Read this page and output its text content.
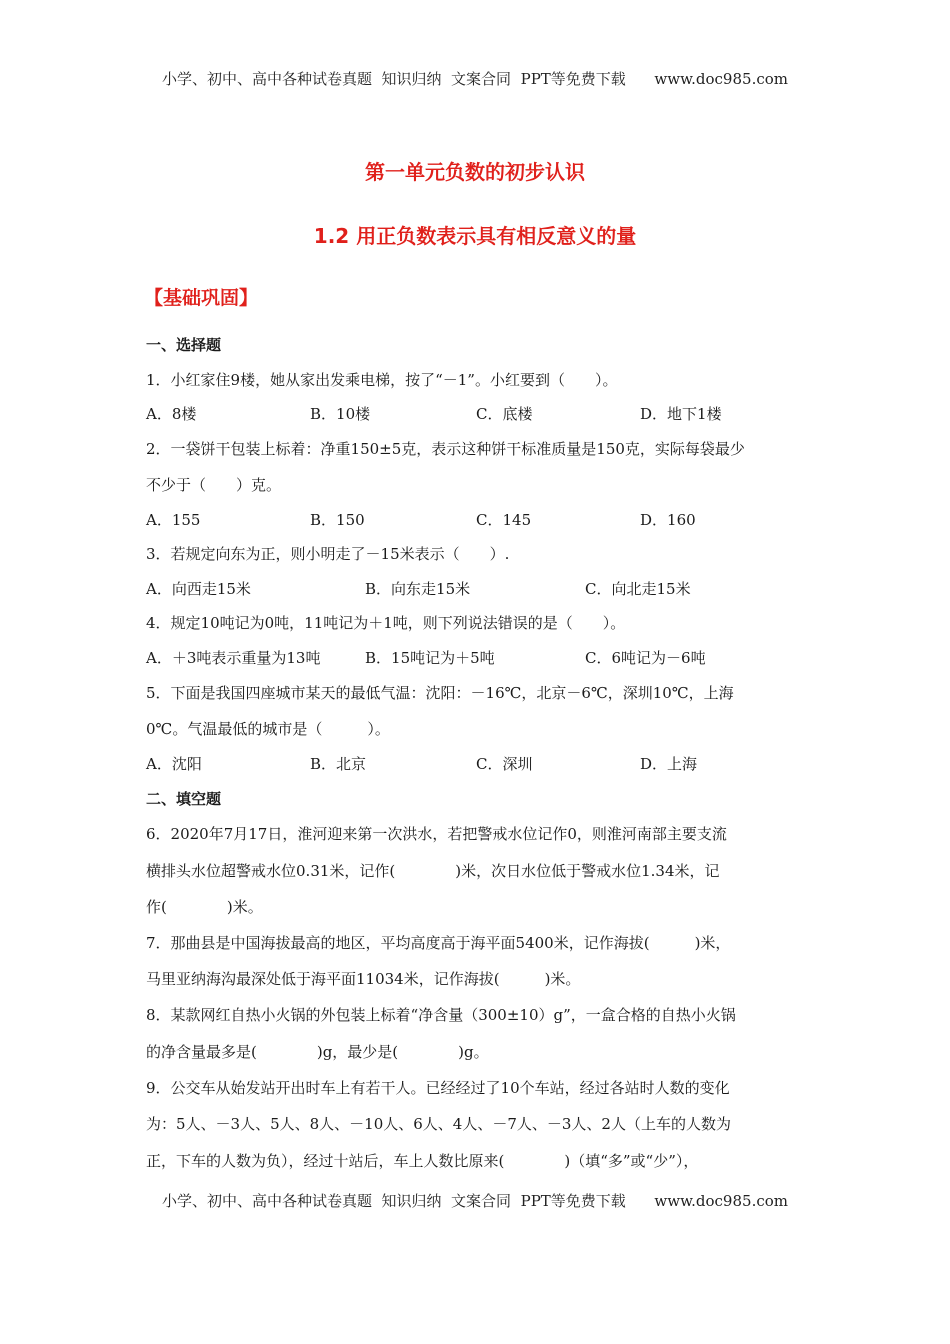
小学、初中、高中各种试卷真题  知识归纳  文案合同  PPT等免费下载      www.doc985.com
第一单元负数的初步认识
1.2 用正负数表示具有相反意义的量
【基础巩固】
一、选择题
1．小红家住9楼，她从家出发乘电梯，按了“－1”。小红要到（　　）。
A．8楼	B．10楼	C．底楼	D．地下1楼
2．一袋饼干包装上标着：净重150±5克，表示这种饼干标准质量是150克，实际每袋最少
不少于（　　）克。
A．155	B．150	C．145	D．160
3．若规定向东为正，则小明走了－15米表示（　　）.
A．向西走15米	B．向东走15米	C．向北走15米
4．规定10吨记为0吨，11吨记为＋1吨，则下列说法错误的是（　　）。
A．＋3吨表示重量为13吨	B．15吨记为＋5吨	C．6吨记为－6吨
5．下面是我国四座城市某天的最低气温：沈阳：－16℃，北京－6℃，深圳10℃，上海
0℃。气温最低的城市是（　　　）。
A．沈阳	B．北京	C．深圳	D．上海
二、填空题
6．2020年7月17日，淮河迎来第一次洪水，若把警戒水位记作0，则淮河南部主要支流
横排头水位超警戒水位0.31米，记作(　　　　)米，次日水位低于警戒水位1.34米，记
作(　　　　)米。
7．那曲县是中国海拔最高的地区，平均高度高于海平面5400米，记作海拔(　　　)米，
马里亚纳海沟最深处低于海平面11034米，记作海拔(　　　)米。
8．某款网红自热小火锅的外包装上标着“净含量（300±10）g”，一盒合格的自热小火锅
的净含量最多是(　　　　)g，最少是(　　　　)g。
9．公交车从始发站开出时车上有若干人。已经经过了10个车站，经过各站时人数的变化
为：5人、－3人、5人、8人、－10人、6人、4人、－7人、－3人、2人（上车的人数为
正，下车的人数为负），经过十站后，车上人数比原来(　　　　)（填“多”或“少”），
小学、初中、高中各种试卷真题  知识归纳  文案合同  PPT等免费下载      www.doc985.com
